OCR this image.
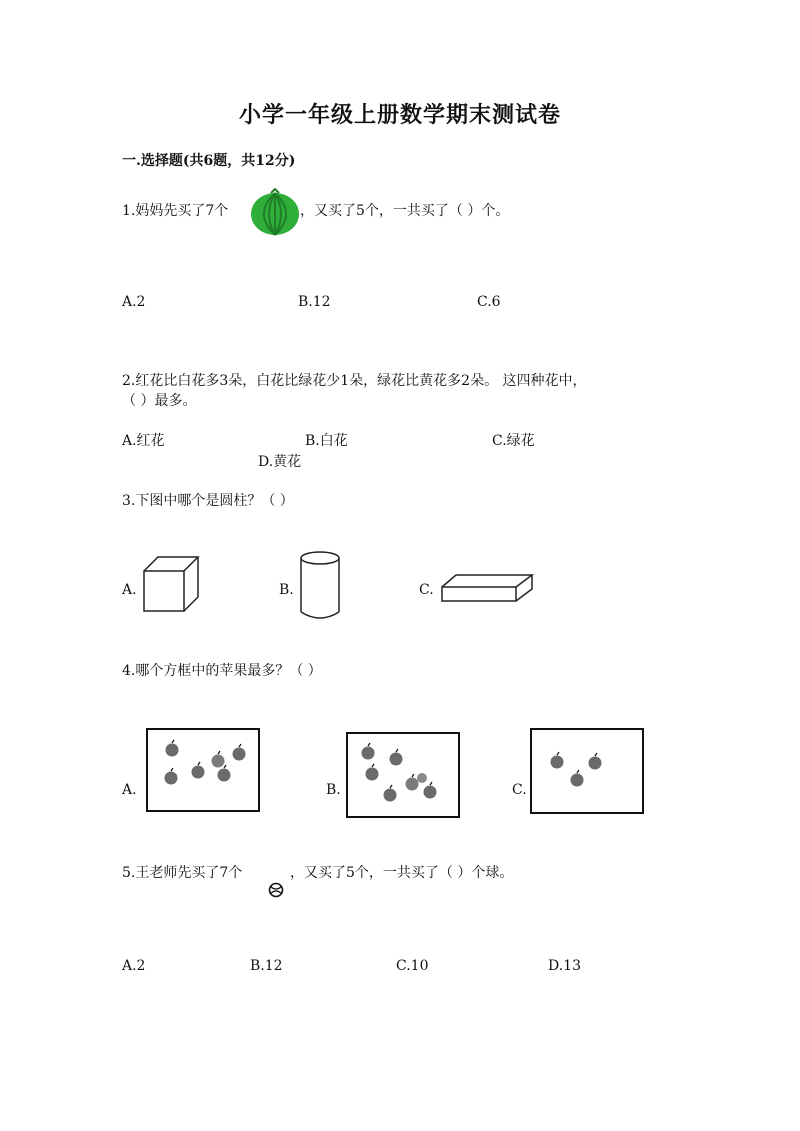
小学一年级上册数学期末测试卷
一.选择题(共6题，共12分)
1.妈妈先买了7个	，又买了5个，一共买了（ ）个。
A.2	B.12	C.6
2.红花比白花多3朵，白花比绿花少1朵，绿花比黄花多2朵。 这四种花中，
（ ）最多。
A.红花	B.白花	C.绿花
D.黄花
3.下图中哪个是圆柱？（ ）
A.	B.	C.
4.哪个方框中的苹果最多？（ ）
A.	B.	C.
5.王老师先买了7个	，又买了5个，一共买了（ ）个球。
A.2	B.12	C.10	D.13
